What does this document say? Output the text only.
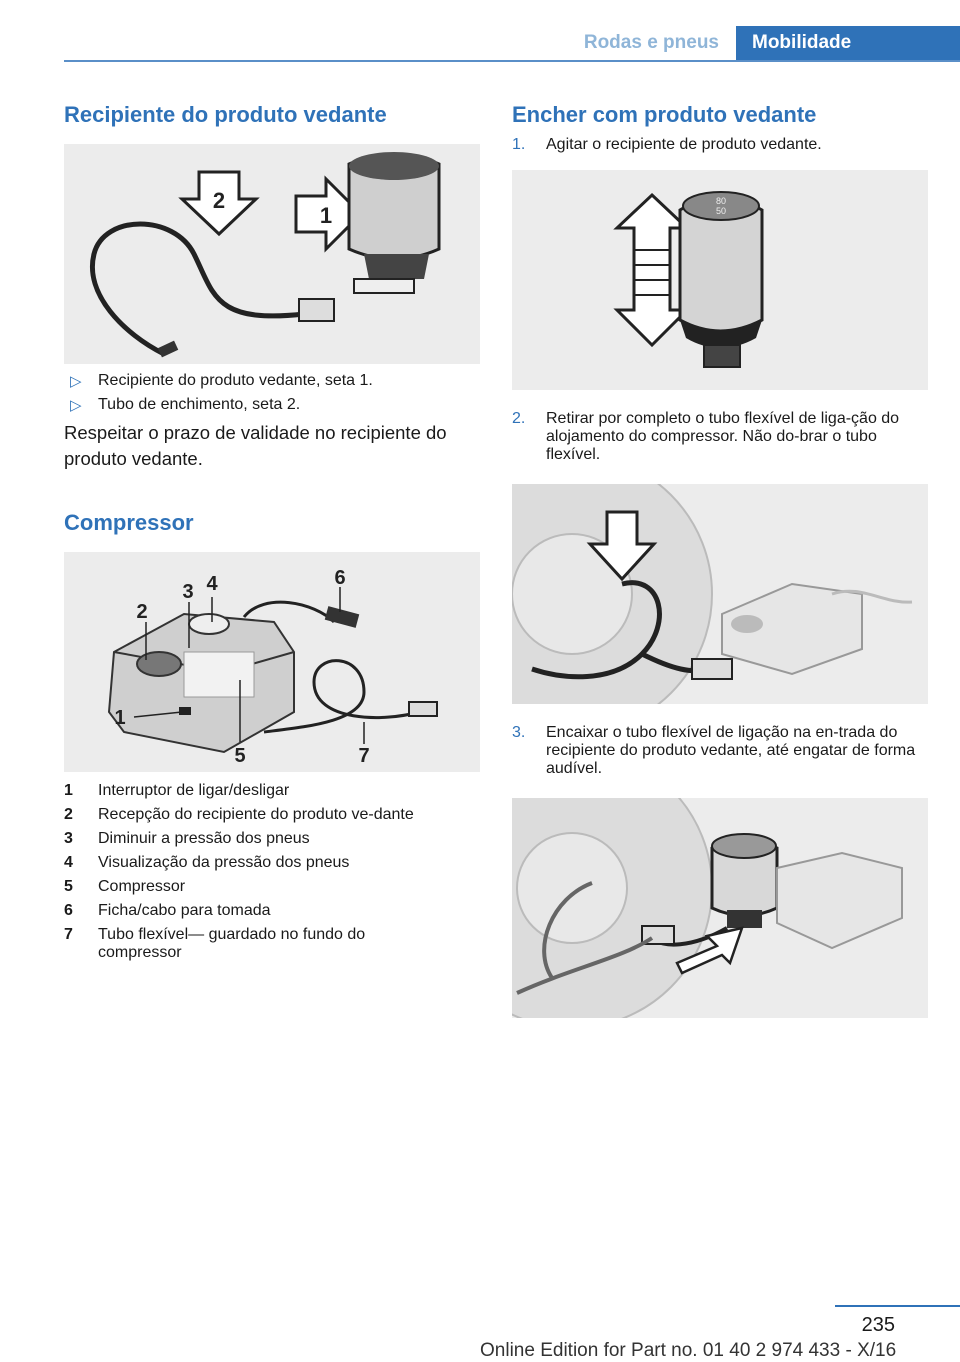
Rodas e pneus	Mobilidade
Recipiente do produto vedante
2
1
▷	Recipiente do produto vedante, seta 1.
▷	Tubo de enchimento, seta 2.

Respeitar o prazo de validade no recipiente do produto vedante.

Compressor
2
3 4	6
1
5	7
1	Interruptor de ligar/desligar
2	Recepção do recipiente do produto ve‐dante
3	Diminuir a pressão dos pneus
4	Visualização da pressão dos pneus
5	Compressor
6	Ficha/cabo para tomada
7	Tubo flexível— guardado no fundo do compressor
Encher com produto vedante
1.	Agitar o recipiente de produto vedante.
80
50
2.	Retirar por completo o tubo flexível de liga‐ção do alojamento do compressor. Não do‐brar o tubo flexível.
3.	Encaixar o tubo flexível de ligação na en‐trada do recipiente do produto vedante, até engatar de forma audível.
235
Online Edition for Part no. 01 40 2 974 433 - X/16
